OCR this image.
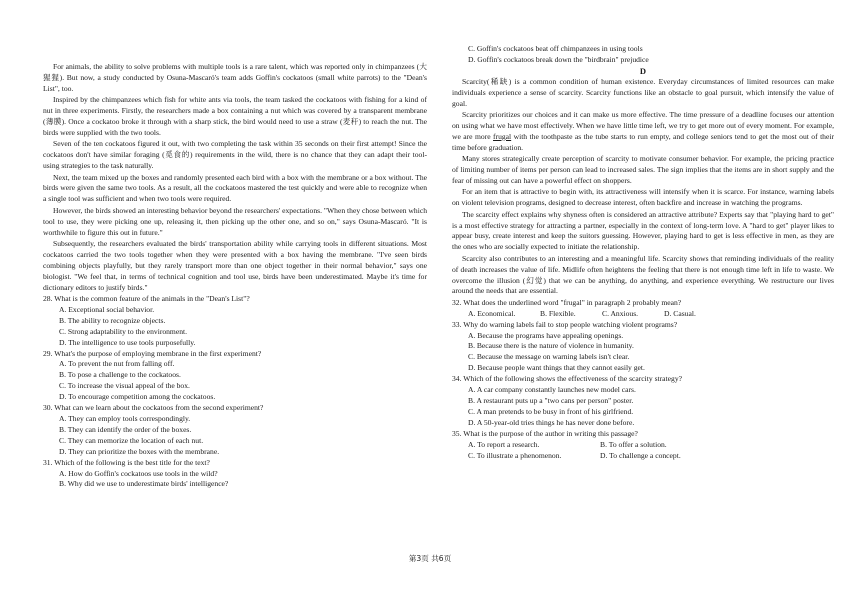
For animals, the ability to solve problems with multiple tools is a rare talent, which was reported only in chimpanzees (大猩猩). But now, a study conducted by Osuna-Mascaró's team adds Goffin's cockatoos (small white parrots) to the "Dean's List", too.

Inspired by the chimpanzees which fish for white ants via tools, the team tasked the cockatoos with fishing for a kind of nut in three experiments. Firstly, the researchers made a box containing a nut which was covered by a transparent membrane (薄膜). Once a cockatoo broke it through with a sharp stick, the bird would need to use a straw (麦秆) to reach the nut. The birds were supplied with the two tools.

Seven of the ten cockatoos figured it out, with two completing the task within 35 seconds on their first attempt! Since the cockatoos don't have similar foraging (觅食的) requirements in the wild, there is no chance that they can adapt their tool-using strategies to the task naturally.

Next, the team mixed up the boxes and randomly presented each bird with a box with the membrane or a box without. The birds were given the same two tools. As a result, all the cockatoos mastered the test quickly and were able to recognize when a single tool was sufficient and when two tools were required.

However, the birds showed an interesting behavior beyond the researchers' expectations. "When they chose between which tool to use, they were picking one up, releasing it, then picking up the other one, and so on," says Osuna-Mascaró. "It is worthwhile to figure this out in future."

Subsequently, the researchers evaluated the birds' transportation ability while carrying tools in different situations. Most cockatoos carried the two tools together when they were presented with a box having the membrane. "I've seen birds combining objects playfully, but they rarely transport more than one object together in their normal behavior," says one biologist. "We feel that, in terms of technical cognition and tool use, birds have been underestimated. Maybe it's time for dictionary editors to justify birds."

28. What is the common feature of the animals in the "Dean's List"?
A. Exceptional social behavior.
B. The ability to recognize objects.
C. Strong adaptability to the environment.
D. The intelligence to use tools purposefully.
29. What's the purpose of employing membrane in the first experiment?
A. To prevent the nut from falling off.
B. To pose a challenge to the cockatoos.
C. To increase the visual appeal of the box.
D. To encourage competition among the cockatoos.
30. What can we learn about the cockatoos from the second experiment?
A. They can employ tools correspondingly.
B. They can identify the order of the boxes.
C. They can memorize the location of each nut.
D. They can prioritize the boxes with the membrane.
31. Which of the following is the best title for the text?
A. How do Goffin's cockatoos use tools in the wild?
B. Why did we use to underestimate birds' intelligence?
C. Goffin's cockatoos beat off chimpanzees in using tools
D. Goffin's cockatoos break down the "birdbrain" prejudice
D

Scarcity(稀缺) is a common condition of human existence. Everyday circumstances of limited resources can make individuals experience a sense of scarcity. Scarcity functions like an obstacle to goal pursuit, which intensify the value of goal.

Scarcity prioritizes our choices and it can make us more effective. The time pressure of a deadline focuses our attention on using what we have most effectively. When we have little time left, we try to get more out of every moment. For example, we are more frugal with the toothpaste as the tube starts to run empty, and college seniors tend to get the most out of their time before graduation.

Many stores strategically create perception of scarcity to motivate consumer behavior. For example, the pricing practice of limiting number of items per person can lead to increased sales. The sign implies that the items are in short supply and the fear of missing out can have a powerful effect on shoppers.

For an item that is attractive to begin with, its attractiveness will intensify when it is scarce. For instance, warning labels on violent television programs, designed to decrease interest, often backfire and increase in watching the programs.

The scarcity effect explains why shyness often is considered an attractive attribute? Experts say that "playing hard to get" is a most effective strategy for attracting a partner, especially in the context of long-term love. A "hard to get" player likes to appear busy, create interest and keep the suitors guessing. However, playing hard to get is less effective in men, as they are the ones who are socially expected to initiate the relationship.

Scarcity also contributes to an interesting and a meaningful life. Scarcity shows that reminding individuals of the reality of death increases the value of life. Midlife often heightens the feeling that there is not enough time left in life to waste. We overcome the illusion (幻觉) that we can be anything, do anything, and experience everything. We restructure our lives around the needs that are essential.

32. What does the underlined word "frugal" in paragraph 2 probably mean?
A. Economical.	B. Flexible.	C. Anxious.	D. Casual.
33. Why do warning labels fail to stop people watching violent programs?
A. Because the programs have appealing openings.
B. Because there is the nature of violence in humanity.
C. Because the message on warning labels isn't clear.
D. Because people want things that they cannot easily get.
34. Which of the following shows the effectiveness of the scarcity strategy?
A. A car company constantly launches new model cars.
B. A restaurant puts up a "two cans per person" poster.
C. A man pretends to be busy in front of his girlfriend.
D. A 50-year-old tries things he has never done before.
35. What is the purpose of the author in writing this passage?
A. To report a research.	B. To offer a solution.
C. To illustrate a phenomenon.	D. To challenge a concept.
第3页 共6页
